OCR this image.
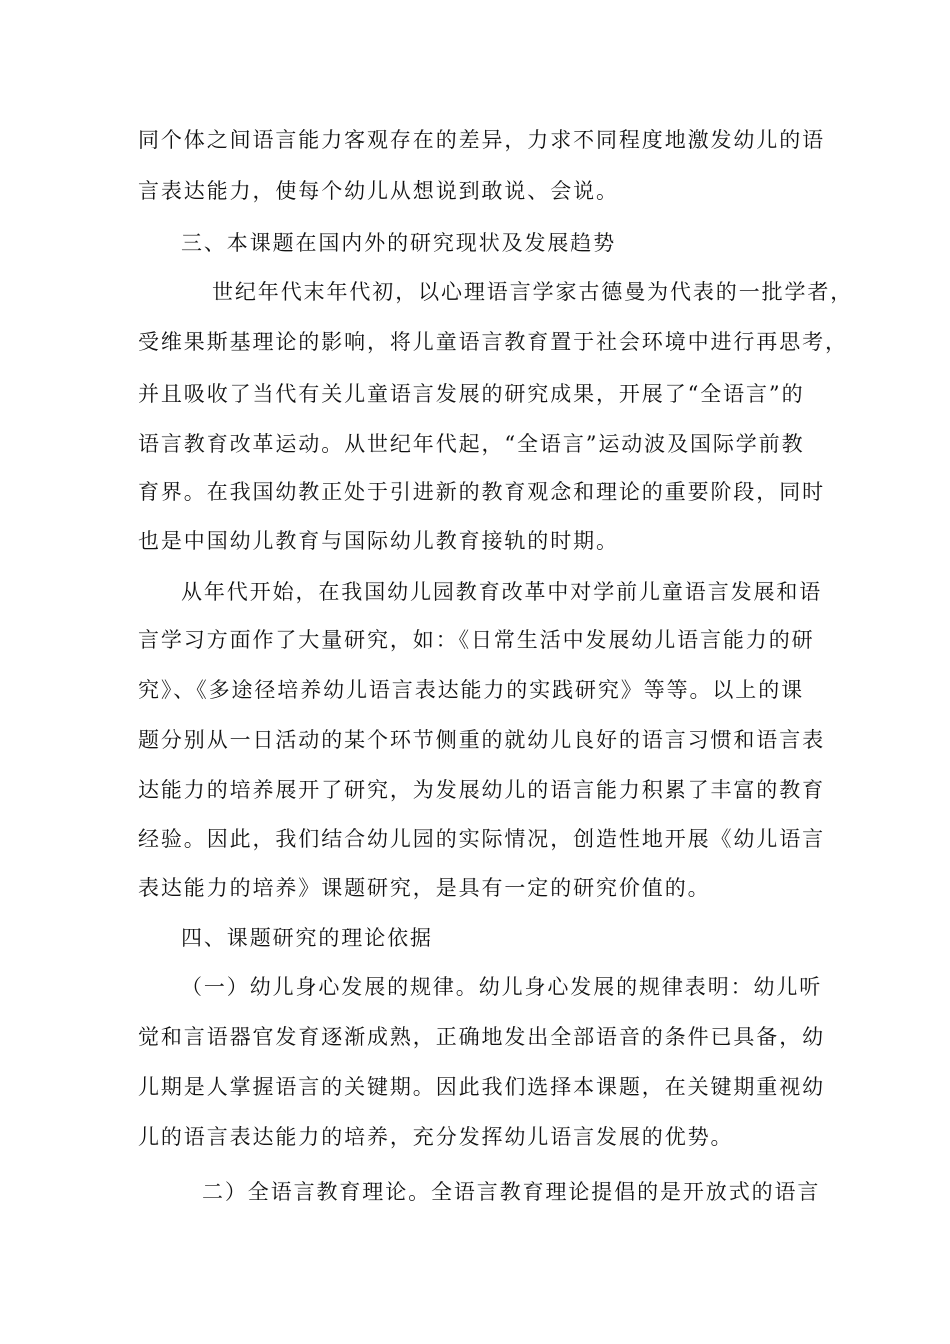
同个体之间语言能力客观存在的差异，力求不同程度地激发幼儿的语
言表达能力，使每个幼儿从想说到敢说、会说。
三、本课题在国内外的研究现状及发展趋势
世纪年代末年代初，以心理语言学家古德曼为代表的一批学者，
受维果斯基理论的影响，将儿童语言教育置于社会环境中进行再思考，
并且吸收了当代有关儿童语言发展的研究成果，开展了“全语言”的
语言教育改革运动。从世纪年代起，“全语言”运动波及国际学前教
育界。在我国幼教正处于引进新的教育观念和理论的重要阶段，同时
也是中国幼儿教育与国际幼儿教育接轨的时期。
从年代开始，在我国幼儿园教育改革中对学前儿童语言发展和语
言学习方面作了大量研究，如：《日常生活中发展幼儿语言能力的研
究》、《多途径培养幼儿语言表达能力的实践研究》等等。以上的课
题分别从一日活动的某个环节侧重的就幼儿良好的语言习惯和语言表
达能力的培养展开了研究，为发展幼儿的语言能力积累了丰富的教育
经验。因此，我们结合幼儿园的实际情况，创造性地开展《幼儿语言
表达能力的培养》课题研究，是具有一定的研究价值的。
四、课题研究的理论依据
（一）幼儿身心发展的规律。幼儿身心发展的规律表明：幼儿听
觉和言语器官发育逐渐成熟，正确地发出全部语音的条件已具备，幼
儿期是人掌握语言的关键期。因此我们选择本课题，在关键期重视幼
儿的语言表达能力的培养，充分发挥幼儿语言发展的优势。
二）全语言教育理论。全语言教育理论提倡的是开放式的语言
